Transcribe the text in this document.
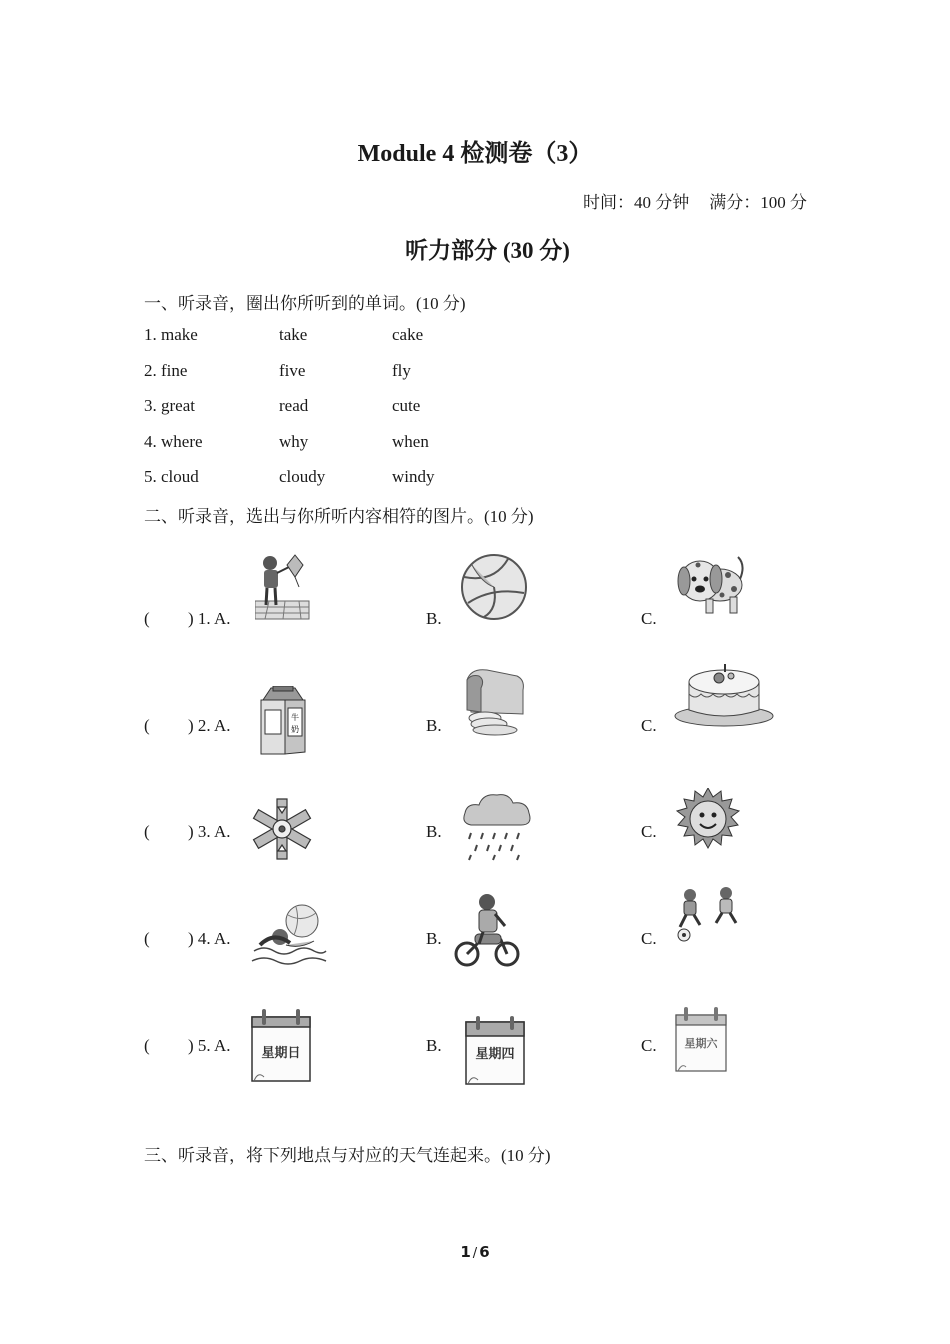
Module 4 检测卷（3）
时间：40 分钟 满分：100 分
听力部分 (30 分)
一、听录音，圈出你所听到的单词。(10 分)
1. make	take	cake
2. fine	five	fly
3. great	read	cute
4. where	why	when
5. cloud	cloudy	windy
二、听录音，选出与你所听内容相符的图片。(10 分)
( ) 1. A.	B.	C.
( ) 2. A.	B.	C.
牛
奶
( ) 3. A.	B.	C.
( ) 4. A.	B.	C.
( ) 5. A.	B.	C.
星期日	星期四
星期六
三、听录音，将下列地点与对应的天气连起来。(10 分)
1 / 6
